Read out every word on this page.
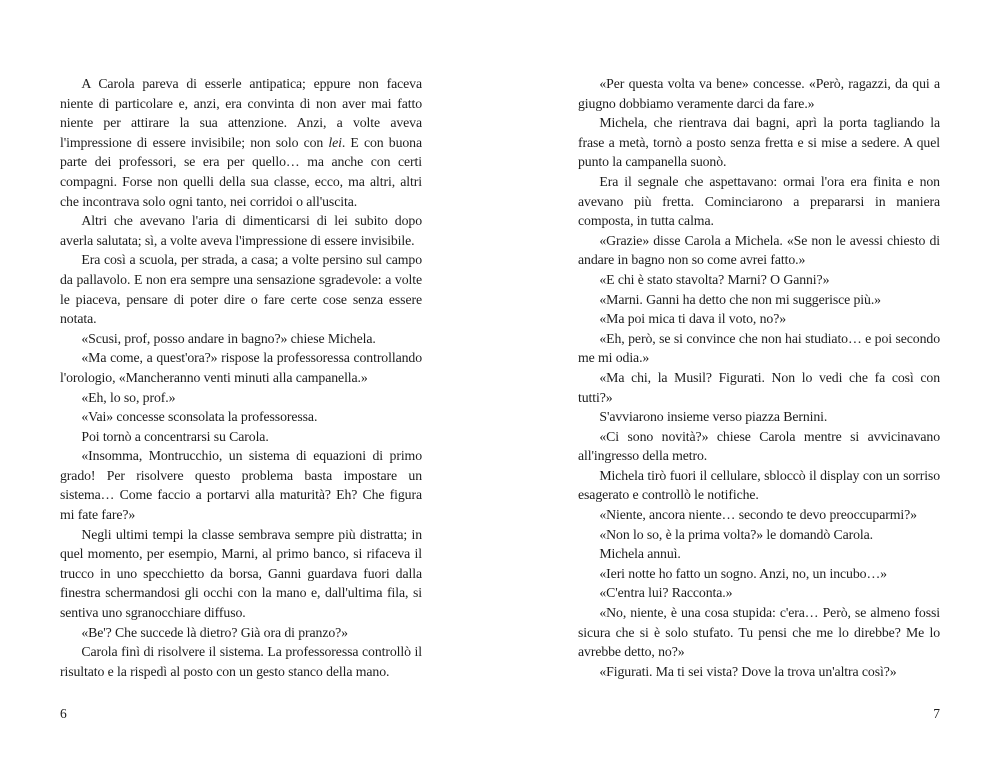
A Carola pareva di esserle antipatica; eppure non faceva niente di particolare e, anzi, era convinta di non aver mai fatto niente per attirare la sua attenzione. Anzi, a volte aveva l'impressione di essere invisibile; non solo con lei. E con buona parte dei professori, se era per quello… ma anche con certi compagni. Forse non quelli della sua classe, ecco, ma altri, altri che incontrava solo ogni tanto, nei corridoi o all'uscita.

Altri che avevano l'aria di dimenticarsi di lei subito dopo averla salutata; sì, a volte aveva l'impressione di essere invisibile.

Era così a scuola, per strada, a casa; a volte persino sul campo da pallavolo. E non era sempre una sensazione sgradevole: a volte le piaceva, pensare di poter dire o fare certe cose senza essere notata.

«Scusi, prof, posso andare in bagno?» chiese Michela.

«Ma come, a quest'ora?» rispose la professoressa controllando l'orologio, «Mancheranno venti minuti alla campanella.»

«Eh, lo so, prof.»

«Vai» concesse sconsolata la professoressa.

Poi tornò a concentrarsi su Carola.

«Insomma, Montrucchio, un sistema di equazioni di primo grado! Per risolvere questo problema basta impostare un sistema… Come faccio a portarvi alla maturità? Eh? Che figura mi fate fare?»

Negli ultimi tempi la classe sembrava sempre più distratta; in quel momento, per esempio, Marni, al primo banco, si rifaceva il trucco in uno specchietto da borsa, Ganni guardava fuori dalla finestra schermandosi gli occhi con la mano e, dall'ultima fila, si sentiva uno sgranocchiare diffuso.

«Be'? Che succede là dietro? Già ora di pranzo?»

Carola finì di risolvere il sistema. La professoressa controllò il risultato e la rispedì al posto con un gesto stanco della mano.

6

«Per questa volta va bene» concesse. «Però, ragazzi, da qui a giugno dobbiamo veramente darci da fare.»

Michela, che rientrava dai bagni, aprì la porta tagliando la frase a metà, tornò a posto senza fretta e si mise a sedere. A quel punto la campanella suonò.

Era il segnale che aspettavano: ormai l'ora era finita e non avevano più fretta. Cominciarono a prepararsi in maniera composta, in tutta calma.

«Grazie» disse Carola a Michela. «Se non le avessi chiesto di andare in bagno non so come avrei fatto.»

«E chi è stato stavolta? Marni? O Ganni?»

«Marni. Ganni ha detto che non mi suggerisce più.»

«Ma poi mica ti dava il voto, no?»

«Eh, però, se si convince che non hai studiato… e poi secondo me mi odia.»

«Ma chi, la Musil? Figurati. Non lo vedi che fa così con tutti?»

S'avviarono insieme verso piazza Bernini.

«Ci sono novità?» chiese Carola mentre si avvicinavano all'ingresso della metro.

Michela tirò fuori il cellulare, sbloccò il display con un sorriso esagerato e controllò le notifiche.

«Niente, ancora niente… secondo te devo preoccuparmi?»

«Non lo so, è la prima volta?» le domandò Carola.

Michela annuì.

«Ieri notte ho fatto un sogno. Anzi, no, un incubo…»

«C'entra lui? Racconta.»

«No, niente, è una cosa stupida: c'era… Però, se almeno fossi sicura che si è solo stufato. Tu pensi che me lo direbbe? Me lo avrebbe detto, no?»

«Figurati. Ma ti sei vista? Dove la trova un'altra così?»

7
